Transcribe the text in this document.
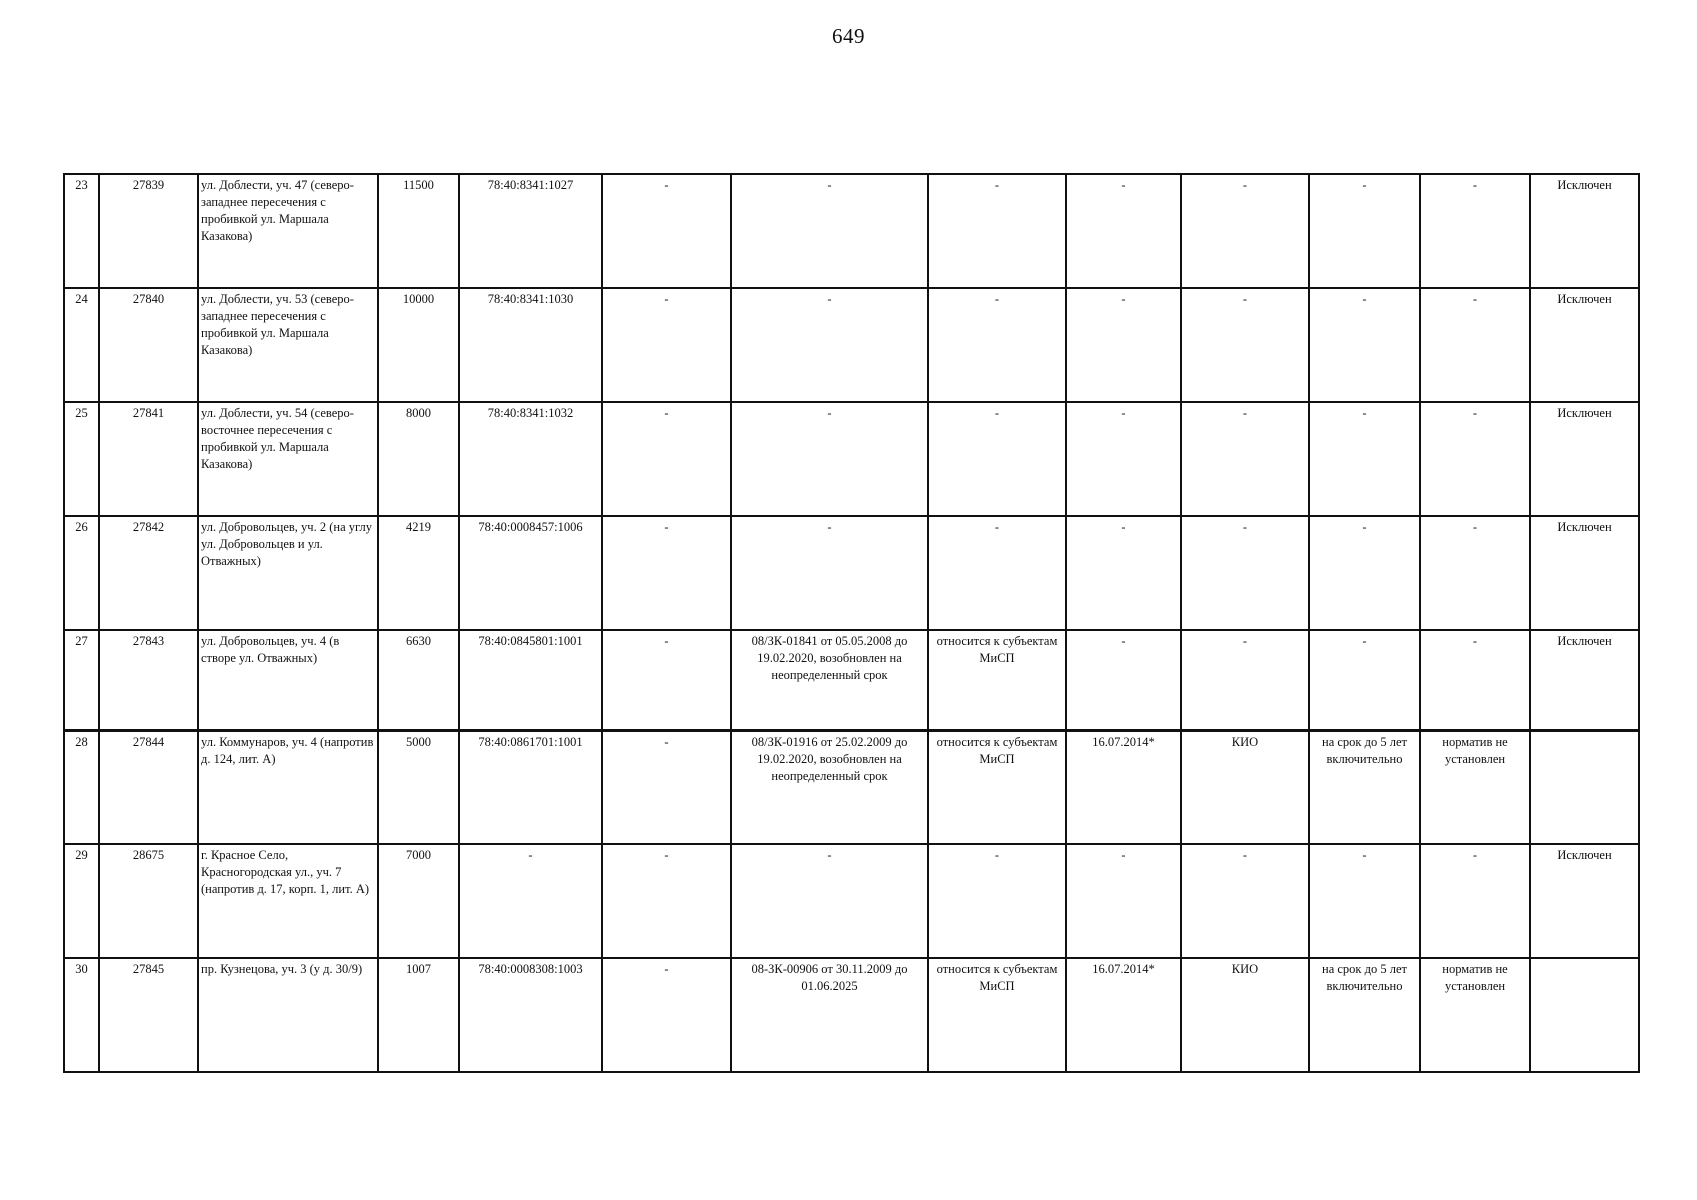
649
23	27839	ул. Доблести, уч. 47 (северо-западнее пересечения с пробивкой ул. Маршала Казакова)	11500	78:40:8341:1027	-	-	-	-	-	-	-	Исключен
24	27840	ул. Доблести, уч. 53 (северо-западнее пересечения с пробивкой ул. Маршала Казакова)	10000	78:40:8341:1030	-	-	-	-	-	-	-	Исключен
25	27841	ул. Доблести, уч. 54 (северо-восточнее пересечения с пробивкой ул. Маршала Казакова)	8000	78:40:8341:1032	-	-	-	-	-	-	-	Исключен
26	27842	ул. Добровольцев, уч. 2 (на углу ул. Добровольцев и ул. Отважных)	4219	78:40:0008457:1006	-	-	-	-	-	-	-	Исключен
27	27843	ул. Добровольцев, уч. 4 (в створе ул. Отважных)	6630	78:40:0845801:1001	-	08/ЗК-01841 от 05.05.2008 до 19.02.2020, возобновлен на неопределенный срок	относится к субъектам МиСП	-	-	-	-	Исключен
28	27844	ул. Коммунаров, уч. 4 (напротив д. 124, лит. А)	5000	78:40:0861701:1001	-	08/ЗК-01916 от 25.02.2009 до 19.02.2020, возобновлен на неопределенный срок	относится к субъектам МиСП	16.07.2014*	КИО	на срок до 5 лет включительно	норматив не установлен	
29	28675	г. Красное Село, Красногородская ул., уч. 7 (напротив д. 17, корп. 1, лит. А)	7000	-	-	-	-	-	-	-	-	Исключен
30	27845	пр. Кузнецова, уч. 3 (у д. 30/9)	1007	78:40:0008308:1003	-	08-ЗК-00906 от 30.11.2009 до 01.06.2025	относится к субъектам МиСП	16.07.2014*	КИО	на срок до 5 лет включительно	норматив не установлен	
